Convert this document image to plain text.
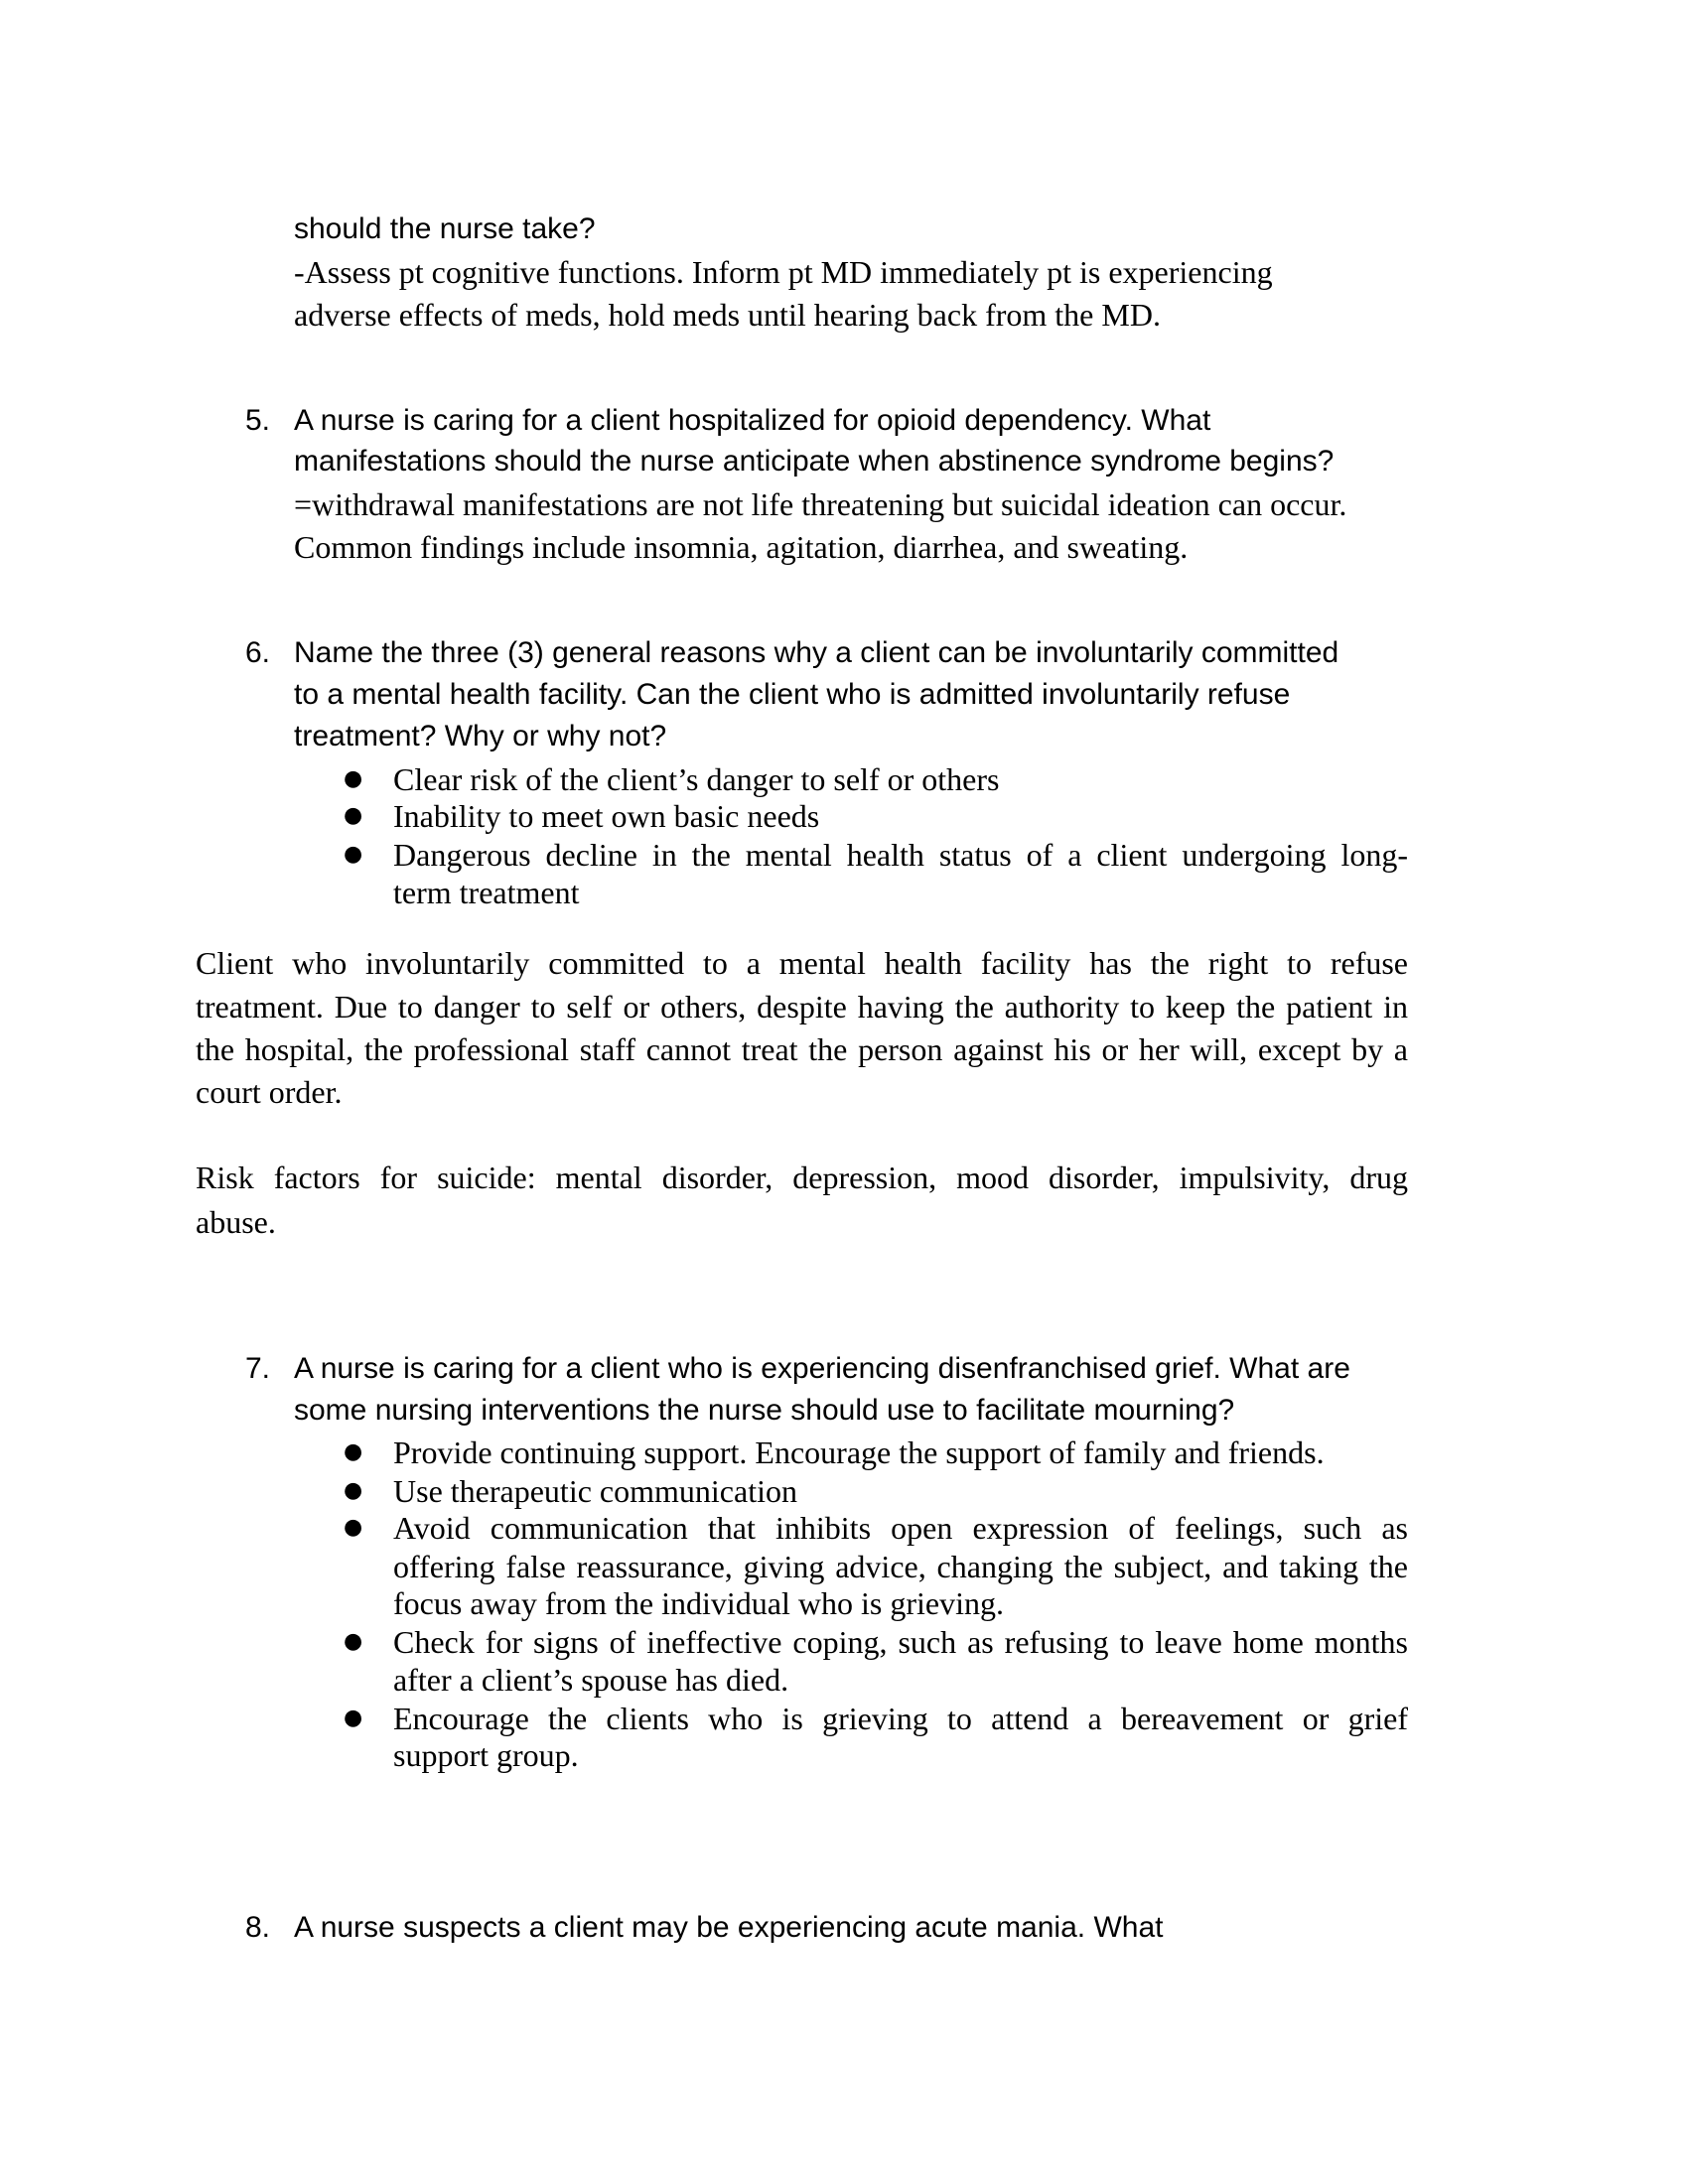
should the nurse take?
-Assess pt cognitive functions. Inform pt MD immediately pt is experiencing
adverse effects of meds, hold meds until hearing back from the MD.
5. A nurse is caring for a client hospitalized for opioid dependency. What
manifestations should the nurse anticipate when abstinence syndrome begins?
=withdrawal manifestations are not life threatening but suicidal ideation can occur.
Common findings include insomnia, agitation, diarrhea, and sweating.
6. Name the three (3) general reasons why a client can be involuntarily committed
to a mental health facility. Can the client who is admitted involuntarily refuse
treatment? Why or why not?
● Clear risk of the client’s danger to self or others
● Inability to meet own basic needs
● Dangerous decline in the mental health status of a client undergoing long-
term treatment
Client who involuntarily committed to a mental health facility has the right to refuse
treatment. Due to danger to self or others, despite having the authority to keep the patient in
the hospital, the professional staff cannot treat the person against his or her will, except by a
court order.
Risk factors for suicide: mental disorder, depression, mood disorder, impulsivity, drug
abuse.
7. A nurse is caring for a client who is experiencing disenfranchised grief. What are
some nursing interventions the nurse should use to facilitate mourning?
● Provide continuing support. Encourage the support of family and friends.
● Use therapeutic communication
● Avoid communication that inhibits open expression of feelings, such as
offering false reassurance, giving advice, changing the subject, and taking the
focus away from the individual who is grieving.
● Check for signs of ineffective coping, such as refusing to leave home months
after a client’s spouse has died.
● Encourage the clients who is grieving to attend a bereavement or grief
support group.
8. A nurse suspects a client may be experiencing acute mania. What
